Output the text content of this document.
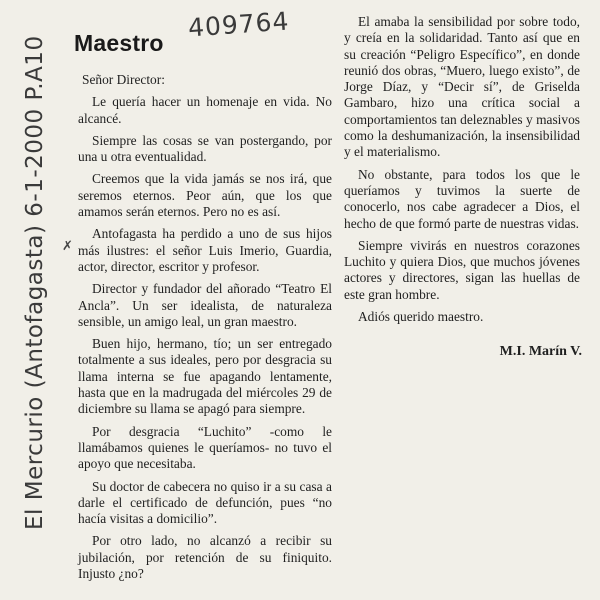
409764
Maestro
El Mercurio (Antofagasta) 6-1-2000 P.A10 ✗

Señor Director:

Le quería hacer un homenaje en vida. No alcancé.

Siempre las cosas se van postergando, por una u otra eventualidad.

Creemos que la vida jamás se nos irá, que seremos eternos. Peor aún, que los que amamos serán eternos. Pero no es así.

Antofagasta ha perdido a uno de sus hijos más ilustres: el señor Luis Imerio, Guardia, actor, director, escritor y profesor.

Director y fundador del añorado “Teatro El Ancla”. Un ser idealista, de naturaleza sensible, un amigo leal, un gran maestro.

Buen hijo, hermano, tío; un ser entregado totalmente a sus ideales, pero por desgracia su llama interna se fue apagando lentamente, hasta que en la madrugada del miércoles 29 de diciembre su llama se apagó para siempre.

Por desgracia “Luchito” -como le llamábamos quienes le queríamos- no tuvo el apoyo que necesitaba.

Su doctor de cabecera no quiso ir a su casa a darle el certificado de defunción, pues “no hacía visitas a domicilio”.

Por otro lado, no alcanzó a recibir su jubilación, por retención de su finiquito. Injusto ¿no?

El amaba la sensibilidad por sobre todo, y creía en la solidaridad. Tanto así que en su creación “Peligro Específico”, en donde reunió dos obras, “Muero, luego existo”, de Jorge Díaz, y “Decir sí”, de Griselda Gambaro, hizo una crítica social a comportamientos tan deleznables y masivos como la deshumanización, la insensibilidad y el materialismo.

No obstante, para todos los que le queríamos y tuvimos la suerte de conocerlo, nos cabe agradecer a Dios, el hecho de que formó parte de nuestras vidas.

Siempre vivirás en nuestros corazones Luchito y quiera Dios, que muchos jóvenes actores y directores, sigan las huellas de este gran hombre.

Adiós querido maestro.

M.I. Marín V.
